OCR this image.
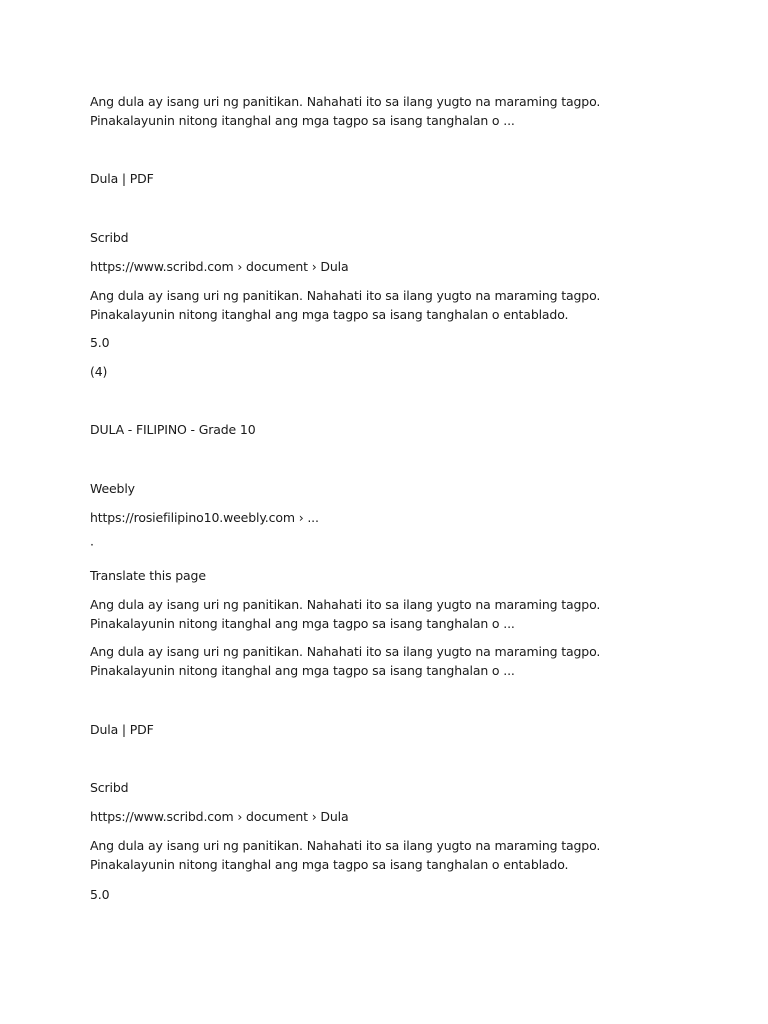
Ang dula ay isang uri ng panitikan. Nahahati ito sa ilang yugto na maraming tagpo. Pinakalayunin nitong itanghal ang mga tagpo sa isang tanghalan o ...
Dula | PDF
Scribd
https://www.scribd.com › document › Dula
Ang dula ay isang uri ng panitikan. Nahahati ito sa ilang yugto na maraming tagpo. Pinakalayunin nitong itanghal ang mga tagpo sa isang tanghalan o entablado.
5.0
(4)
DULA - FILIPINO - Grade 10
Weebly
https://rosiefilipino10.weebly.com › ...
·
Translate this page
Ang dula ay isang uri ng panitikan. Nahahati ito sa ilang yugto na maraming tagpo. Pinakalayunin nitong itanghal ang mga tagpo sa isang tanghalan o ...
Ang dula ay isang uri ng panitikan. Nahahati ito sa ilang yugto na maraming tagpo. Pinakalayunin nitong itanghal ang mga tagpo sa isang tanghalan o ...
Dula | PDF
Scribd
https://www.scribd.com › document › Dula
Ang dula ay isang uri ng panitikan. Nahahati ito sa ilang yugto na maraming tagpo. Pinakalayunin nitong itanghal ang mga tagpo sa isang tanghalan o entablado.
5.0
